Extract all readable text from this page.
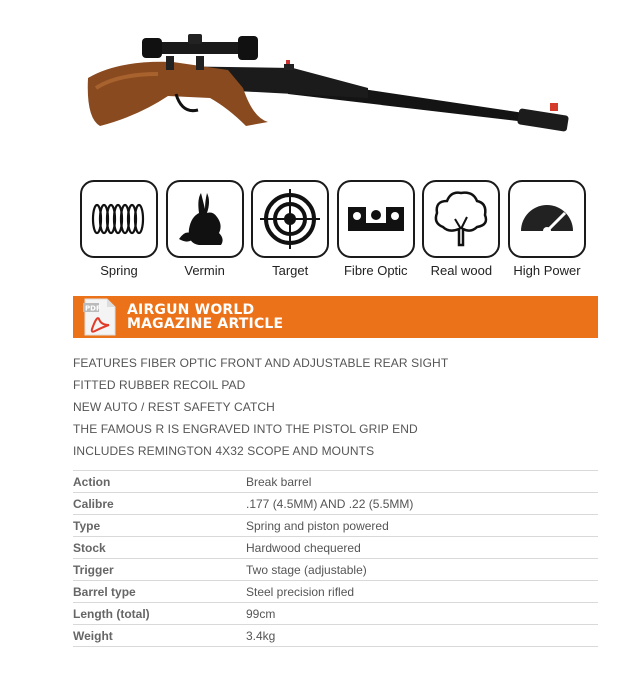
Spring	Vermin	Target	Fibre Optic Real wood High Power
PDF AIRGUN WORLD
MAGAZINE ARTICLE
FEATURES FIBER OPTIC FRONT AND ADJUSTABLE REAR SIGHT
FITTED RUBBER RECOIL PAD
NEW AUTO / REST SAFETY CATCH
THE FAMOUS R IS ENGRAVED INTO THE PISTOL GRIP END
INCLUDES REMINGTON 4X32 SCOPE AND MOUNTS
Action	Break barrel
Calibre	.177 (4.5MM) AND .22 (5.5MM)
Type	Spring and piston powered
Stock	Hardwood chequered
Trigger	Two stage (adjustable)
Barrel type	Steel precision rifled
Length (total)	99cm
Weight	3.4kg
